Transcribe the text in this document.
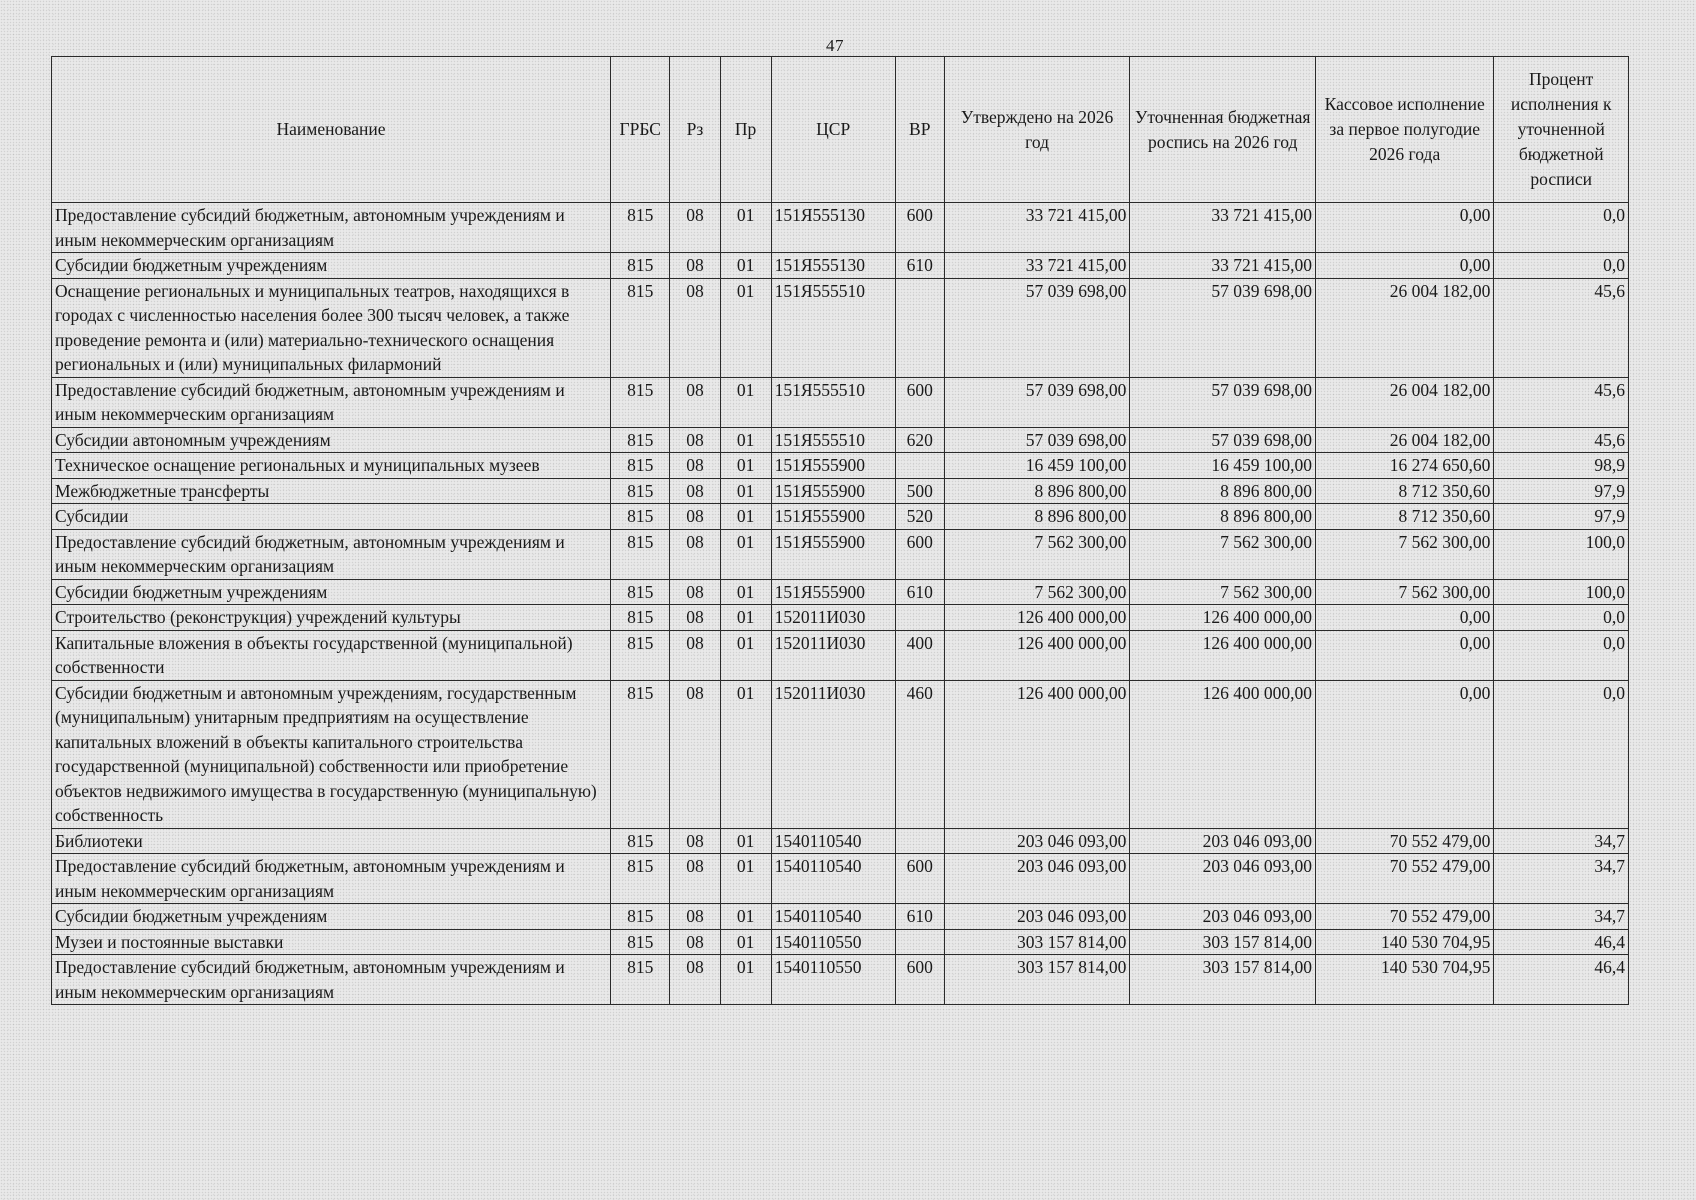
47
Наименование	ГРБС	Рз	Пр	ЦСР	ВР	Утверждено на 2026 год	Уточненная бюджетная роспись на 2026 год	Кассовое исполнение за первое полугодие 2026 года	Процент исполнения к уточненной бюджетной росписи
Предоставление субсидий бюджетным, автономным учреждениям и иным некоммерческим организациям	815	08	01	151Я555130	600	33 721 415,00	33 721 415,00	0,00	0,0
Субсидии бюджетным учреждениям	815	08	01	151Я555130	610	33 721 415,00	33 721 415,00	0,00	0,0
Оснащение региональных и муниципальных театров, находящихся в городах с численностью населения более 300 тысяч человек, а также проведение ремонта и (или) материально-технического оснащения региональных и (или) муниципальных филармоний	815	08	01	151Я555510		57 039 698,00	57 039 698,00	26 004 182,00	45,6
Предоставление субсидий бюджетным, автономным учреждениям и иным некоммерческим организациям	815	08	01	151Я555510	600	57 039 698,00	57 039 698,00	26 004 182,00	45,6
Субсидии автономным учреждениям	815	08	01	151Я555510	620	57 039 698,00	57 039 698,00	26 004 182,00	45,6
Техническое оснащение региональных и муниципальных музеев	815	08	01	151Я555900		16 459 100,00	16 459 100,00	16 274 650,60	98,9
Межбюджетные трансферты	815	08	01	151Я555900	500	8 896 800,00	8 896 800,00	8 712 350,60	97,9
Субсидии	815	08	01	151Я555900	520	8 896 800,00	8 896 800,00	8 712 350,60	97,9
Предоставление субсидий бюджетным, автономным учреждениям и иным некоммерческим организациям	815	08	01	151Я555900	600	7 562 300,00	7 562 300,00	7 562 300,00	100,0
Субсидии бюджетным учреждениям	815	08	01	151Я555900	610	7 562 300,00	7 562 300,00	7 562 300,00	100,0
Строительство (реконструкция) учреждений культуры	815	08	01	152011И030		126 400 000,00	126 400 000,00	0,00	0,0
Капитальные вложения в объекты государственной (муниципальной) собственности	815	08	01	152011И030	400	126 400 000,00	126 400 000,00	0,00	0,0
Субсидии бюджетным и автономным учреждениям, государственным (муниципальным) унитарным предприятиям на осуществление капитальных вложений в объекты капитального строительства государственной (муниципальной) собственности или приобретение объектов недвижимого имущества в государственную (муниципальную) собственность	815	08	01	152011И030	460	126 400 000,00	126 400 000,00	0,00	0,0
Библиотеки	815	08	01	1540110540		203 046 093,00	203 046 093,00	70 552 479,00	34,7
Предоставление субсидий бюджетным, автономным учреждениям и иным некоммерческим организациям	815	08	01	1540110540	600	203 046 093,00	203 046 093,00	70 552 479,00	34,7
Субсидии бюджетным учреждениям	815	08	01	1540110540	610	203 046 093,00	203 046 093,00	70 552 479,00	34,7
Музеи и постоянные выставки	815	08	01	1540110550		303 157 814,00	303 157 814,00	140 530 704,95	46,4
Предоставление субсидий бюджетным, автономным учреждениям и иным некоммерческим организациям	815	08	01	1540110550	600	303 157 814,00	303 157 814,00	140 530 704,95	46,4
